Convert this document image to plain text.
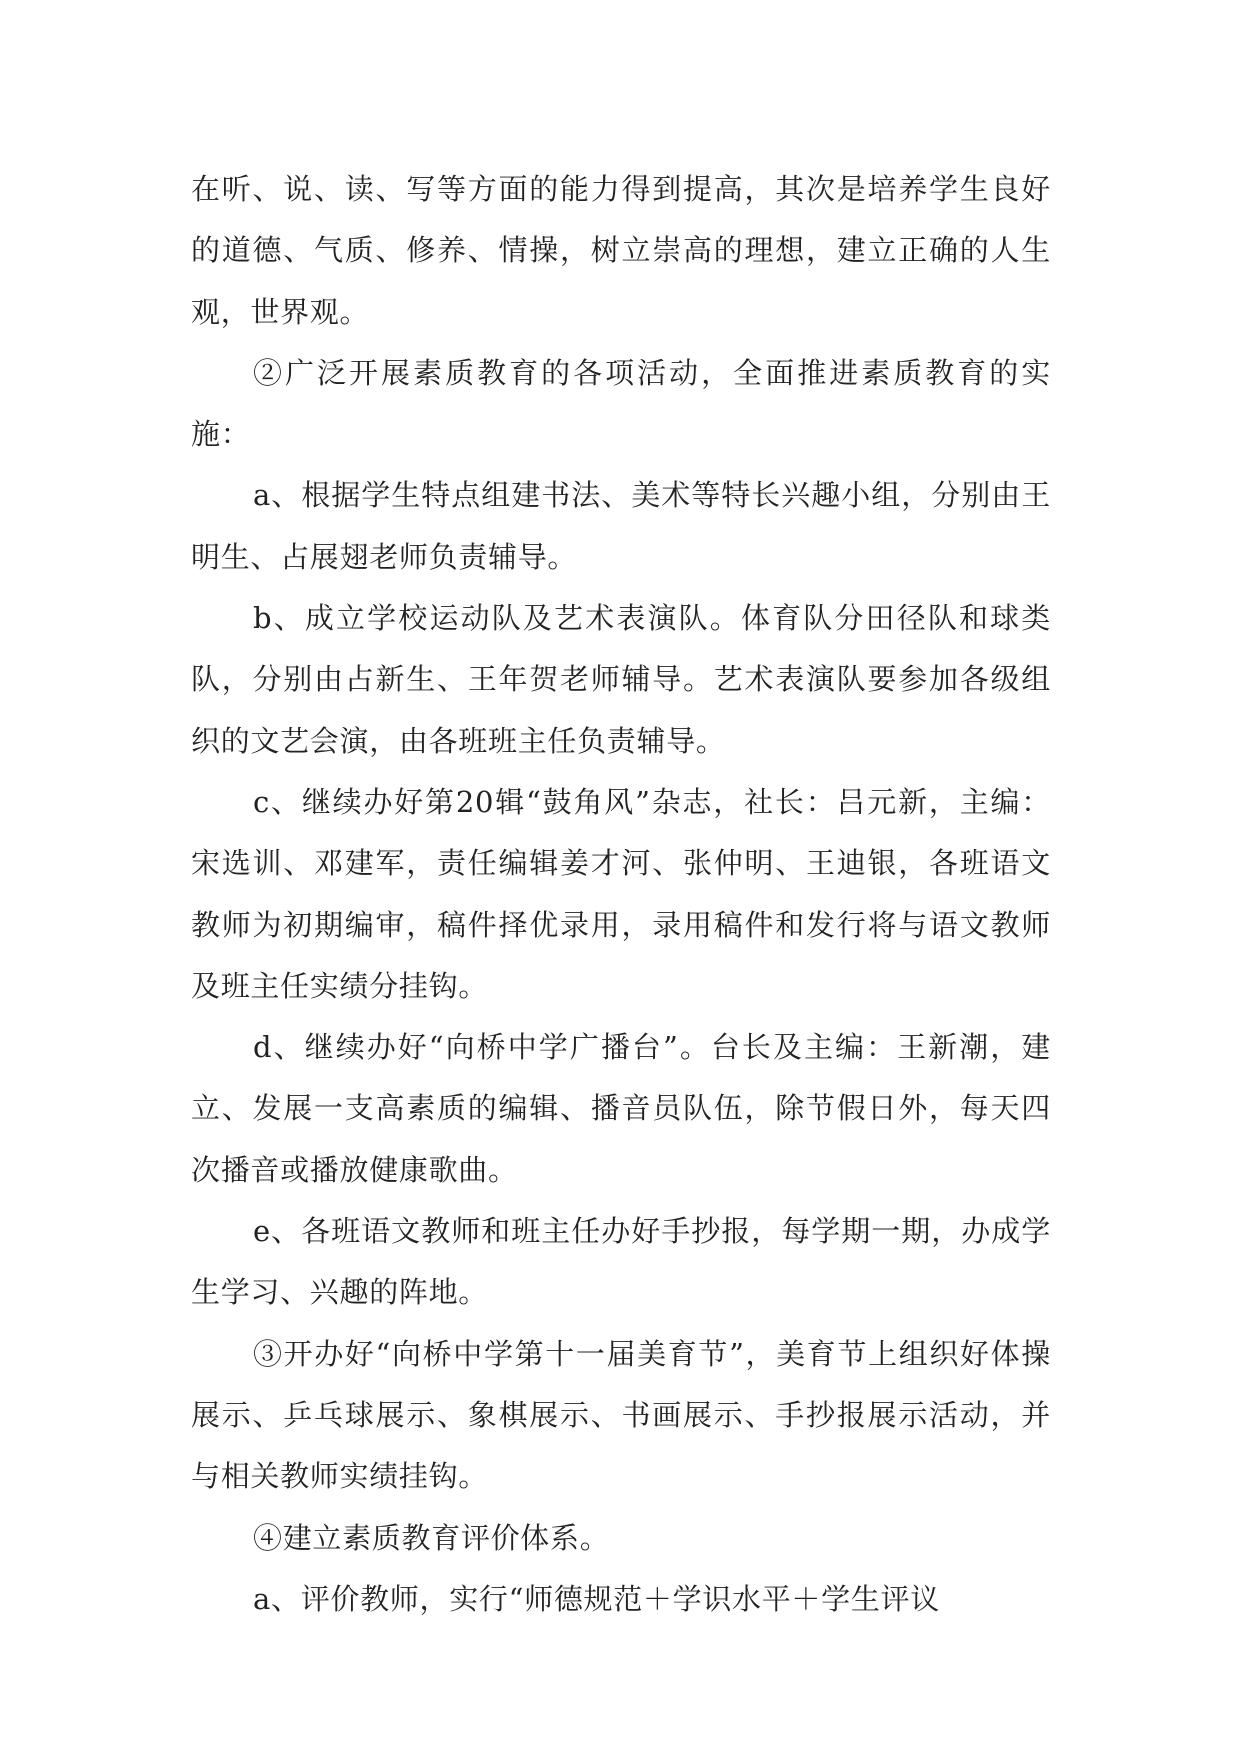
在听、说、读、写等方面的能力得到提高，其次是培养学生良好的道德、气质、修养、情操，树立崇高的理想，建立正确的人生观，世界观。

②广泛开展素质教育的各项活动，全面推进素质教育的实施：

a、根据学生特点组建书法、美术等特长兴趣小组，分别由王明生、占展翅老师负责辅导。

b、成立学校运动队及艺术表演队。体育队分田径队和球类队，分别由占新生、王年贺老师辅导。艺术表演队要参加各级组织的文艺会演，由各班班主任负责辅导。

c、继续办好第20辑“鼓角风”杂志，社长：吕元新，主编：宋选训、邓建军，责任编辑姜才河、张仲明、王迪银，各班语文教师为初期编审，稿件择优录用，录用稿件和发行将与语文教师及班主任实绩分挂钩。

d、继续办好“向桥中学广播台”。台长及主编：王新潮，建立、发展一支高素质的编辑、播音员队伍，除节假日外，每天四次播音或播放健康歌曲。

e、各班语文教师和班主任办好手抄报，每学期一期，办成学生学习、兴趣的阵地。

③开办好“向桥中学第十一届美育节”，美育节上组织好体操展示、乒乓球展示、象棋展示、书画展示、手抄报展示活动，并与相关教师实绩挂钩。

④建立素质教育评价体系。

a、评价教师，实行“师德规范＋学识水平＋学生评议
